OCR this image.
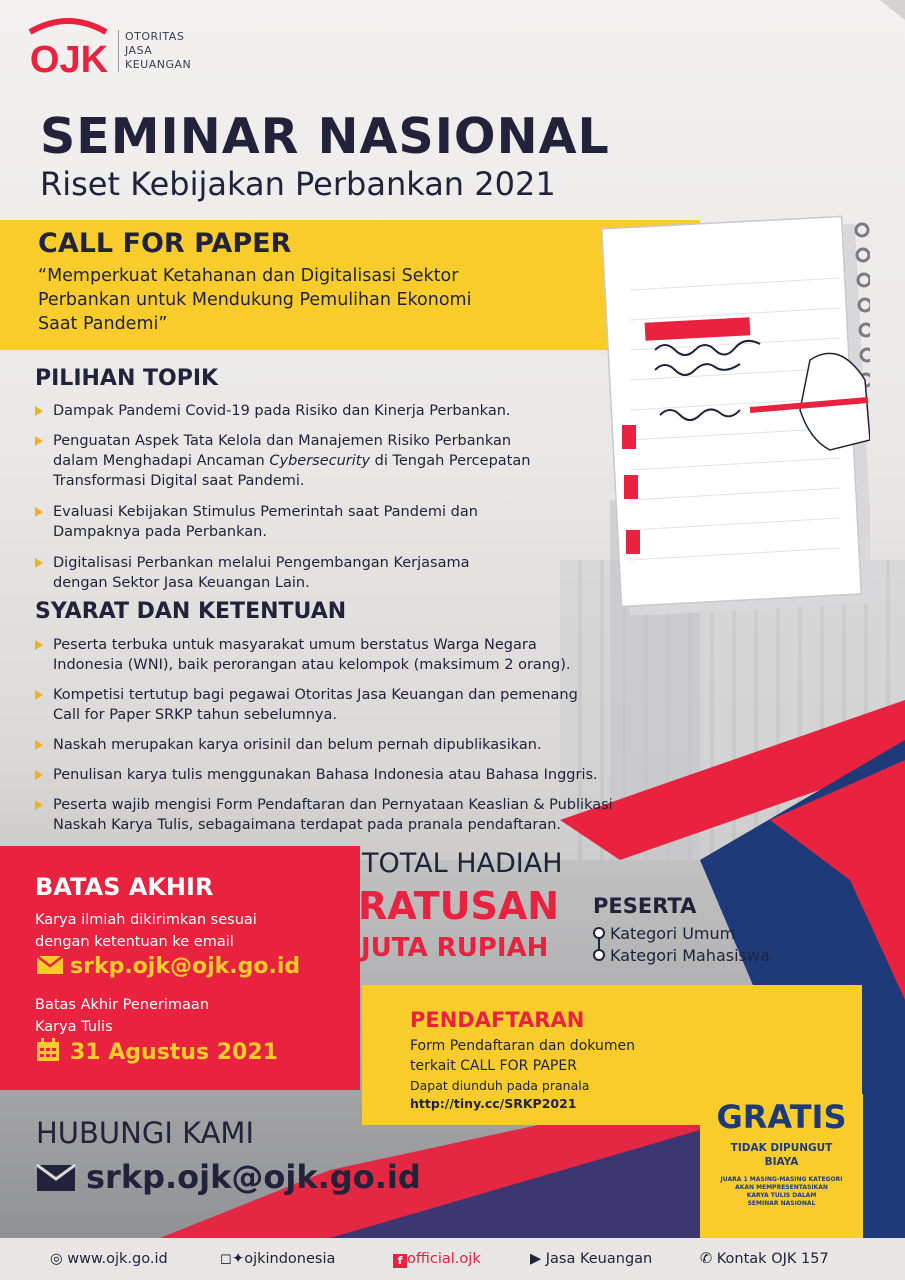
OJK
OTORITAS
JASA
KEUANGAN
SEMINAR NASIONAL
Riset Kebijakan Perbankan 2021
CALL FOR PAPER
“Memperkuat Ketahanan dan Digitalisasi Sektor
Perbankan untuk Mendukung Pemulihan Ekonomi
Saat Pandemi”
PILIHAN TOPIK
Dampak Pandemi Covid-19 pada Risiko dan Kinerja Perbankan.
Penguatan Aspek Tata Kelola dan Manajemen Risiko Perbankan
dalam Menghadapi Ancaman Cybersecurity di Tengah Percepatan
Transformasi Digital saat Pandemi.
Evaluasi Kebijakan Stimulus Pemerintah saat Pandemi dan
Dampaknya pada Perbankan.
Digitalisasi Perbankan melalui Pengembangan Kerjasama
dengan Sektor Jasa Keuangan Lain.
SYARAT DAN KETENTUAN
Peserta terbuka untuk masyarakat umum berstatus Warga Negara
Indonesia (WNI), baik perorangan atau kelompok (maksimum 2 orang).
Kompetisi tertutup bagi pegawai Otoritas Jasa Keuangan dan pemenang
Call for Paper SRKP tahun sebelumnya.
Naskah merupakan karya orisinil dan belum pernah dipublikasikan.
Penulisan karya tulis menggunakan Bahasa Indonesia atau Bahasa Inggris.
Peserta wajib mengisi Form Pendaftaran dan Pernyataan Keaslian & Publikasi
Naskah Karya Tulis, sebagaimana terdapat pada pranala pendaftaran.
BATAS AKHIR
Karya ilmiah dikirimkan sesuai
dengan ketentuan ke email
srkp.ojk@ojk.go.id
Batas Akhir Penerimaan
Karya Tulis
31 Agustus 2021
TOTAL HADIAH
RATUSAN
JUTA RUPIAH
PESERTA
Kategori Umum
Kategori Mahasiswa
PENDAFTARAN
Form Pendaftaran dan dokumen
terkait CALL FOR PAPER
Dapat diunduh pada pranala
http://tiny.cc/SRKP2021	GRATIS
TIDAK DIPUNGUT
BIAYA
JUARA 1 MASING-MASING KATEGORI
AKAN MEMPRESENTASIKAN
KARYA TULIS DALAM
SEMINAR NASIONAL
HUBUNGI KAMI
srkp.ojk@ojk.go.id
◎ www.ojk.go.id	◻✦ojkindonesia	f official.ojk	▶ Jasa Keuangan	✆ Kontak OJK 157
